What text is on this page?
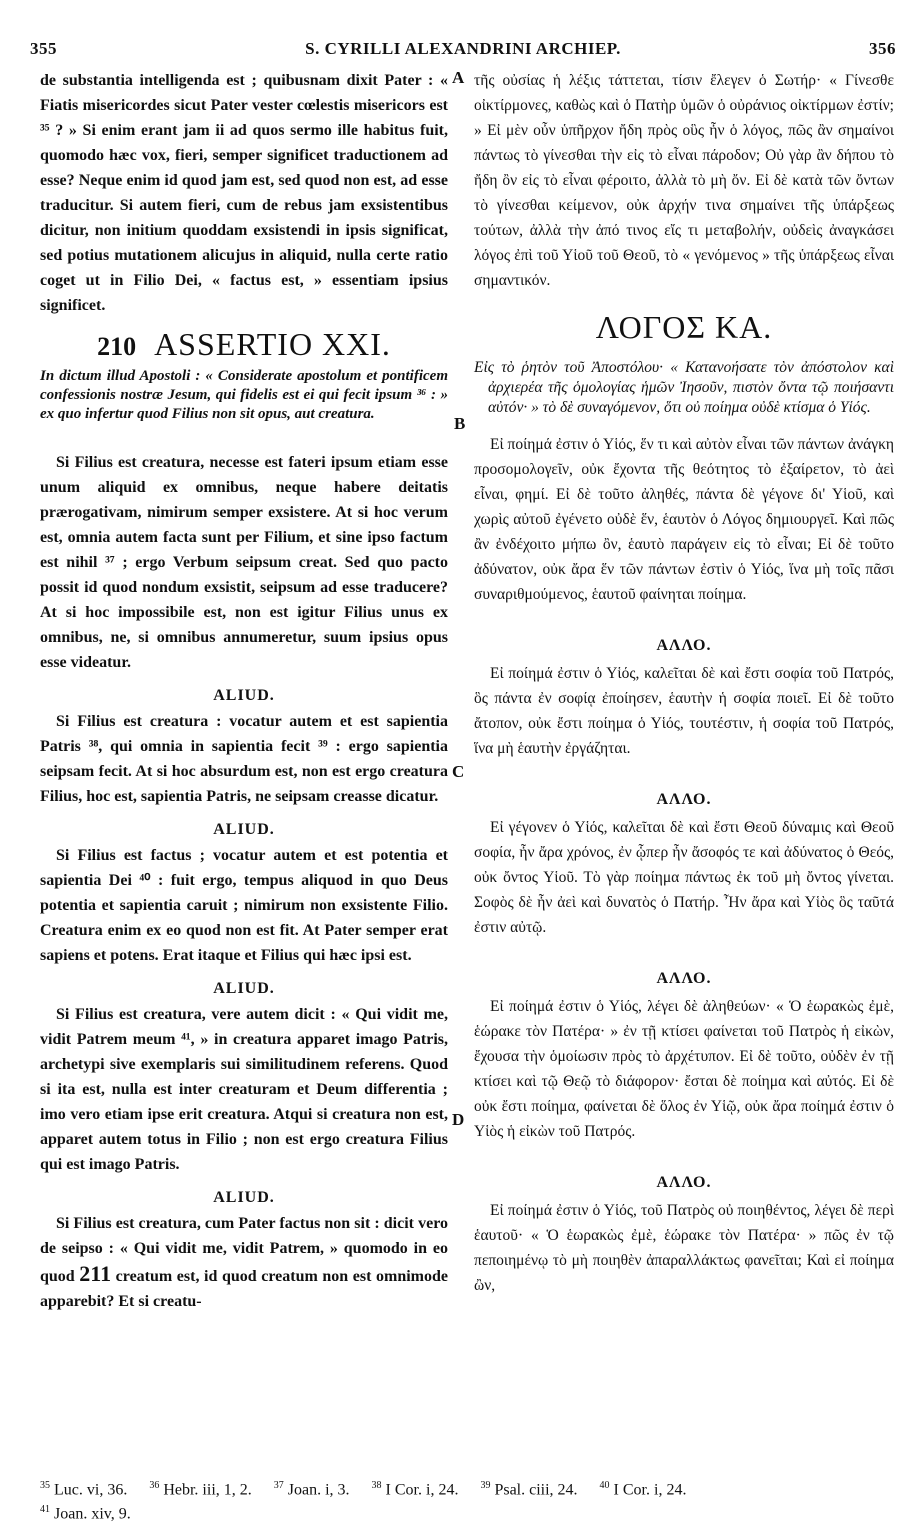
355	S. CYRILLI ALEXANDRINI ARCHIEP.	356
A
B
C
D

de substantia intelligenda est ; quibusnam dixit Pater : « Fiatis misericordes sicut Pater vester cœlestis misericors est ³⁵ ? » Si enim erant jam ii ad quos sermo ille habitus fuit, quomodo hæc vox, fieri, semper significet traductionem ad esse? Neque enim id quod jam est, sed quod non est, ad esse traducitur. Si autem fieri, cum de rebus jam exsistentibus dicitur, non initium quoddam exsistendi in ipsis significat, sed potius mutationem alicujus in aliquid, nulla certe ratio coget ut in Filio Dei, « factus est, » essentiam ipsius significet.

210 ASSERTIO XXI.

In dictum illud Apostoli : « Considerate apostolum et pontificem confessionis nostræ Jesum, qui fidelis est ei qui fecit ipsum ³⁶ : » ex quo infertur quod Filius non sit opus, aut creatura.

Si Filius est creatura, necesse est fateri ipsum etiam esse unum aliquid ex omnibus, neque habere deitatis prærogativam, nimirum semper exsistere. At si hoc verum est, omnia autem facta sunt per Filium, et sine ipso factum est nihil ³⁷ ; ergo Verbum seipsum creat. Sed quo pacto possit id quod nondum exsistit, seipsum ad esse traducere? At si hoc impossibile est, non est igitur Filius unus ex omnibus, ne, si omnibus annumeretur, suum ipsius opus esse videatur.

ALIUD.

Si Filius est creatura : vocatur autem et est sapientia Patris ³⁸, qui omnia in sapientia fecit ³⁹ : ergo sapientia seipsam fecit. At si hoc absurdum est, non est ergo creatura Filius, hoc est, sapientia Patris, ne seipsam creasse dicatur.

ALIUD.

Si Filius est factus ; vocatur autem et est potentia et sapientia Dei ⁴⁰ : fuit ergo, tempus aliquod in quo Deus potentia et sapientia caruit ; nimirum non exsistente Filio. Creatura enim ex eo quod non est fit. At Pater semper erat sapiens et potens. Erat itaque et Filius qui hæc ipsi est.

ALIUD.

Si Filius est creatura, vere autem dicit : « Qui vidit me, vidit Patrem meum ⁴¹, » in creatura apparet imago Patris, archetypi sive exemplaris sui similitudinem referens. Quod si ita est, nulla est inter creaturam et Deum differentia ; imo vero etiam ipse erit creatura. Atqui si creatura non est, apparet autem totus in Filio ; non est ergo creatura Filius qui est imago Patris.

ALIUD.

Si Filius est creatura, cum Pater factus non sit : dicit vero de seipso : « Qui vidit me, vidit Patrem, » quomodo in eo quod 211 creatum est, id quod creatum non est omnimode apparebit? Et si creatu-

τῆς οὐσίας ἡ λέξις τάττεται, τίσιν ἔλεγεν ὁ Σωτήρ· « Γίνεσθε οἰκτίρμονες, καθὼς καὶ ὁ Πατὴρ ὑμῶν ὁ οὐράνιος οἰκτίρμων ἐστίν; » Εἰ μὲν οὖν ὑπῆρχον ἤδη πρὸς οὓς ἦν ὁ λόγος, πῶς ἂν σημαίνοι πάντως τὸ γίνεσθαι τὴν εἰς τὸ εἶναι πάροδον; Οὐ γὰρ ἂν δήπου τὸ ἤδη ὂν εἰς τὸ εἶναι φέροιτο, ἀλλὰ τὸ μὴ ὄν. Εἰ δὲ κατὰ τῶν ὄντων τὸ γίνεσθαι κείμενον, οὐκ ἀρχήν τινα σημαίνει τῆς ὑπάρξεως τούτων, ἀλλὰ τὴν ἀπό τινος εἴς τι μεταβολήν, οὐδεὶς ἀναγκάσει λόγος ἐπὶ τοῦ Υἱοῦ τοῦ Θεοῦ, τὸ « γενόμενος » τῆς ὑπάρξεως εἶναι σημαντικόν.

ΛΟΓΟΣ ΚΑ.

Εἰς τὸ ῥητὸν τοῦ Ἀποστόλου· « Κατανοήσατε τὸν ἀπόστολον καὶ ἀρχιερέα τῆς ὁμολογίας ἡμῶν Ἰησοῦν, πιστὸν ὄντα τῷ ποιήσαντι αὐτόν· » τὸ δὲ συναγόμενον, ὅτι οὐ ποίημα οὐδὲ κτίσμα ὁ Υἱός.

Εἰ ποίημά ἐστιν ὁ Υἱός, ἕν τι καὶ αὐτὸν εἶναι τῶν πάντων ἀνάγκη προσομολογεῖν, οὐκ ἔχοντα τῆς θεότητος τὸ ἐξαίρετον, τὸ ἀεὶ εἶναι, φημί. Εἰ δὲ τοῦτο ἀληθές, πάντα δὲ γέγονε δι' Υἱοῦ, καὶ χωρὶς αὐτοῦ ἐγένετο οὐδὲ ἕν, ἑαυτὸν ὁ Λόγος δημιουργεῖ. Καὶ πῶς ἂν ἐνδέχοιτο μήπω ὂν, ἑαυτὸ παράγειν εἰς τὸ εἶναι; Εἰ δὲ τοῦτο ἀδύνατον, οὐκ ἄρα ἕν τῶν πάντων ἐστὶν ὁ Υἱός, ἵνα μὴ τοῖς πᾶσι συναριθμούμενος, ἑαυτοῦ φαίνηται ποίημα.

ΑΛΛΟ.

Εἰ ποίημά ἐστιν ὁ Υἱός, καλεῖται δὲ καὶ ἔστι σοφία τοῦ Πατρός, ὃς πάντα ἐν σοφίᾳ ἐποίησεν, ἑαυτὴν ἡ σοφία ποιεῖ. Εἰ δὲ τοῦτο ἄτοπον, οὐκ ἔστι ποίημα ὁ Υἱός, τουτέστιν, ἡ σοφία τοῦ Πατρός, ἵνα μὴ ἑαυτὴν ἐργάζηται.

ΑΛΛΟ.

Εἰ γέγονεν ὁ Υἱός, καλεῖται δὲ καὶ ἔστι Θεοῦ δύναμις καὶ Θεοῦ σοφία, ἦν ἄρα χρόνος, ἐν ᾧπερ ἦν ἄσοφός τε καὶ ἀδύνατος ὁ Θεός, οὐκ ὄντος Υἱοῦ. Τὸ γὰρ ποίημα πάντως ἐκ τοῦ μὴ ὄντος γίνεται. Σοφὸς δὲ ἦν ἀεὶ καὶ δυνατὸς ὁ Πατήρ. Ἦν ἄρα καὶ Υἱὸς ὃς ταῦτά ἐστιν αὐτῷ.

ΑΛΛΟ.

Εἰ ποίημά ἐστιν ὁ Υἱός, λέγει δὲ ἀληθεύων· « Ὁ ἑωρακὼς ἐμὲ, ἑώρακε τὸν Πατέρα· » ἐν τῇ κτίσει φαίνεται τοῦ Πατρὸς ἡ εἰκὼν, ἔχουσα τὴν ὁμοίωσιν πρὸς τὸ ἀρχέτυπον. Εἰ δὲ τοῦτο, οὐδὲν ἐν τῇ κτίσει καὶ τῷ Θεῷ τὸ διάφορον· ἔσται δὲ ποίημα καὶ αὐτός. Εἰ δὲ οὐκ ἔστι ποίημα, φαίνεται δὲ ὅλος ἐν Υἱῷ, οὐκ ἄρα ποίημά ἐστιν ὁ Υἱὸς ἡ εἰκὼν τοῦ Πατρός.

ΑΛΛΟ.

Εἰ ποίημά ἐστιν ὁ Υἱός, τοῦ Πατρὸς οὐ ποιηθέντος, λέγει δὲ περὶ ἑαυτοῦ· « Ὁ ἑωρακὼς ἐμὲ, ἑώρακε τὸν Πατέρα· » πῶς ἐν τῷ πεποιημένῳ τὸ μὴ ποιηθὲν ἀπαραλλάκτως φανεῖται; Καὶ εἰ ποίημα ὢν,

$^{35}$ Luc. vi, 36. $^{36}$ Hebr. iii, 1, 2. $^{37}$ Joan. i, 3. $^{38}$ I Cor. i, 24. $^{39}$ Psal. ciii, 24. $^{40}$ I Cor. i, 24.
$^{41}$ Joan. xiv, 9.
